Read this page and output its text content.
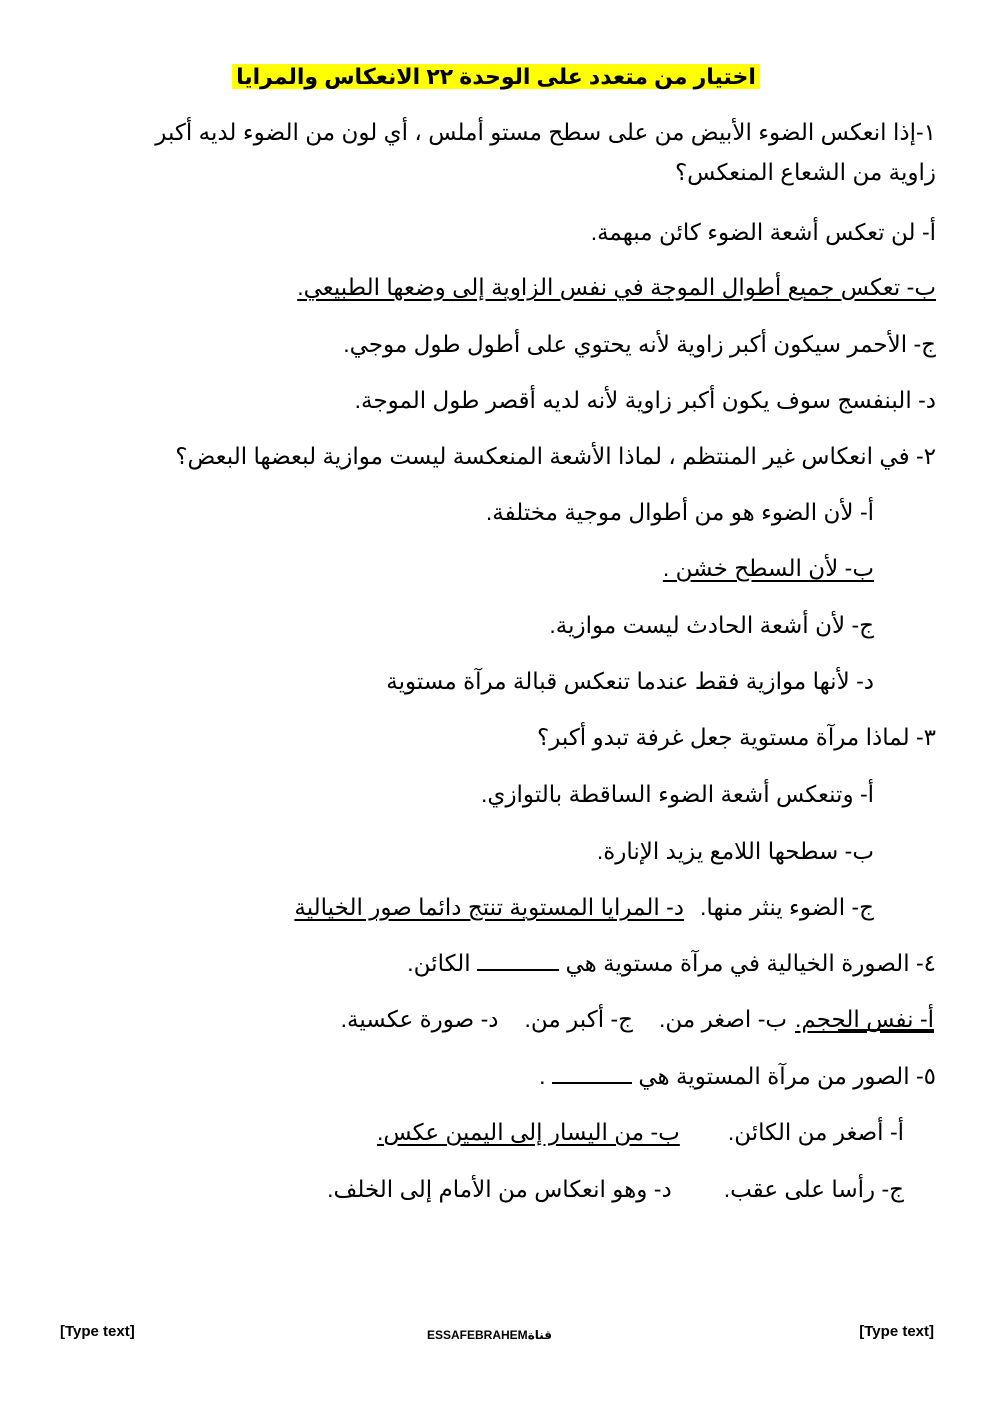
اختيار من متعدد على الوحدة ٢٢ الانعكاس والمرايا
١-إذا انعكس الضوء الأبيض من على سطح مستو أملس ، أي لون من الضوء لديه أكبر
زاوية من الشعاع المنعكس؟
أ- لن تعكس أشعة الضوء كائن مبهمة.
ب- تعكس جميع أطوال الموجة في نفس الزاوية إلى وضعها الطبيعي.
ج- الأحمر سيكون أكبر زاوية لأنه يحتوي على أطول طول موجي.
د- البنفسج سوف يكون أكبر زاوية لأنه لديه أقصر طول الموجة.
٢- في انعكاس غير المنتظم ، لماذا الأشعة المنعكسة ليست موازية لبعضها البعض؟
أ- لأن الضوء هو من أطوال موجية مختلفة.
ب- لأن السطح خشن .
ج- لأن أشعة الحادث ليست موازية.
د- لأنها موازية فقط عندما تنعكس قبالة مرآة مستوية
٣- لماذا مرآة مستوية جعل غرفة تبدو أكبر؟
أ- وتنعكس أشعة الضوء الساقطة بالتوازي.
ب- سطحها اللامع يزيد الإنارة.
ج- الضوء ينثر منها.د- المرايا المستوية تنتج دائما صور الخيالية
٤- الصورة الخيالية في مرآة مستوية هي  الكائن.
أ- نفس الحجم.ب- اصغر من.ج- أكبر من.د- صورة عكسية.
٥- الصور من مرآة المستوية هي  .
أ- أصغر من الكائن.ب- من اليسار إلى اليمين عكس.
ج- رأسا على عقب.د- وهو انعكاس من الأمام إلى الخلف.
[Type text]	ESSAFEBRAHEMقناة	[Type text]
